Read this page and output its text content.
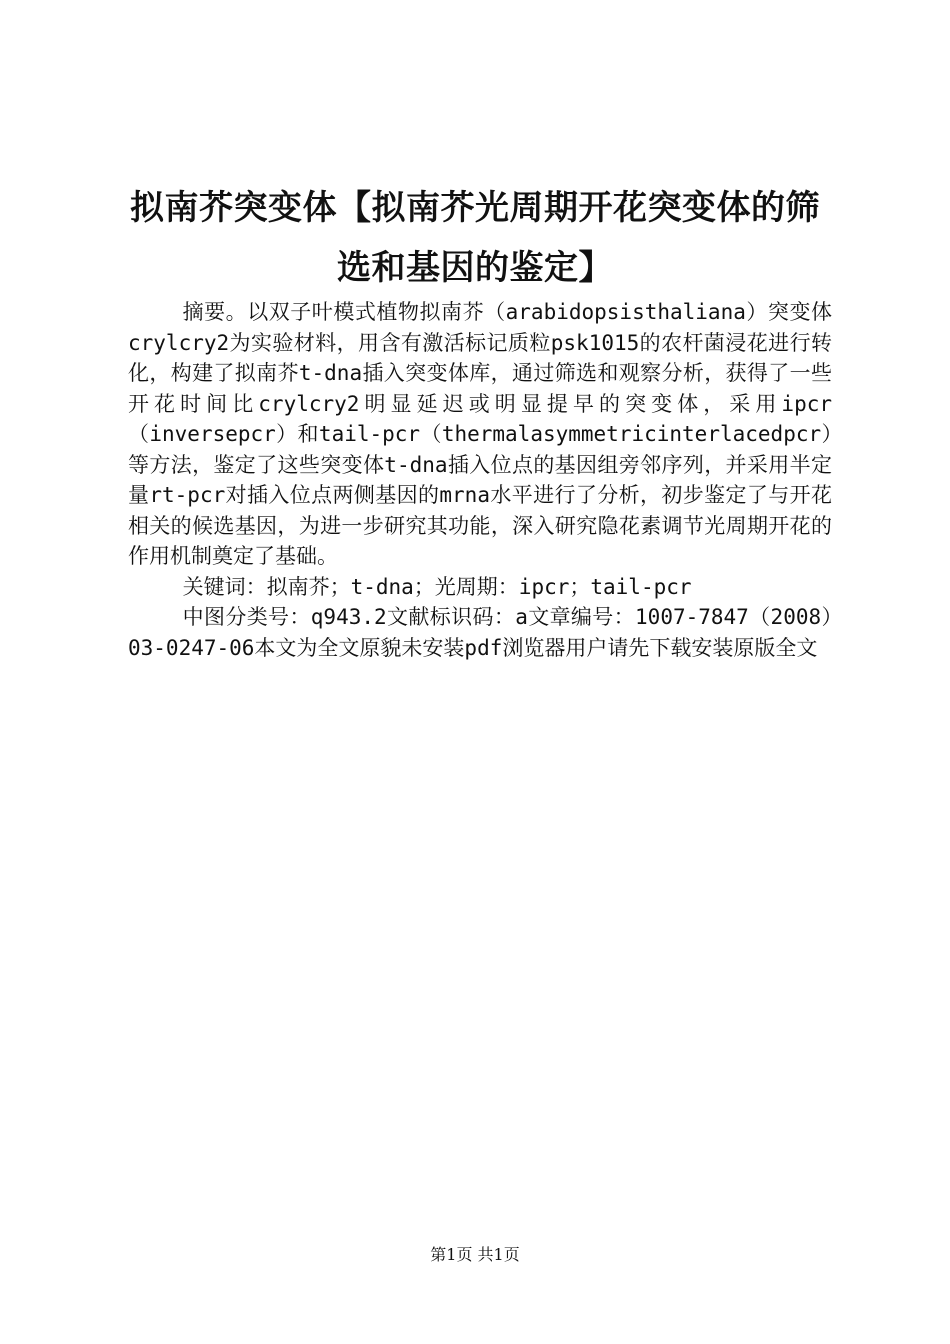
拟南芥突变体【拟南芥光周期开花突变体的筛选和基因的鉴定】

摘要。以双子叶模式植物拟南芥（arabidopsisthaliana）突变体crylcry2为实验材料，用含有激活标记质粒psk1015的农杆菌浸花进行转化，构建了拟南芥t-dna插入突变体库，通过筛选和观察分析，获得了一些开花时间比crylcry2明显延迟或明显提早的突变体，采用ipcr（inversepcr）和tail-pcr（thermalasymmetricinterlacedpcr）等方法，鉴定了这些突变体t-dna插入位点的基因组旁邻序列，并采用半定量rt-pcr对插入位点两侧基因的mrna水平进行了分析，初步鉴定了与开花相关的候选基因，为进一步研究其功能，深入研究隐花素调节光周期开花的作用机制奠定了基础。

关键词：拟南芥；t-dna；光周期：ipcr；tail-pcr

中图分类号：q943.2文献标识码：a文章编号：1007-7847（2008）03-0247-06本文为全文原貌未安装pdf浏览器用户请先下载安装原版全文

第1页 共1页
